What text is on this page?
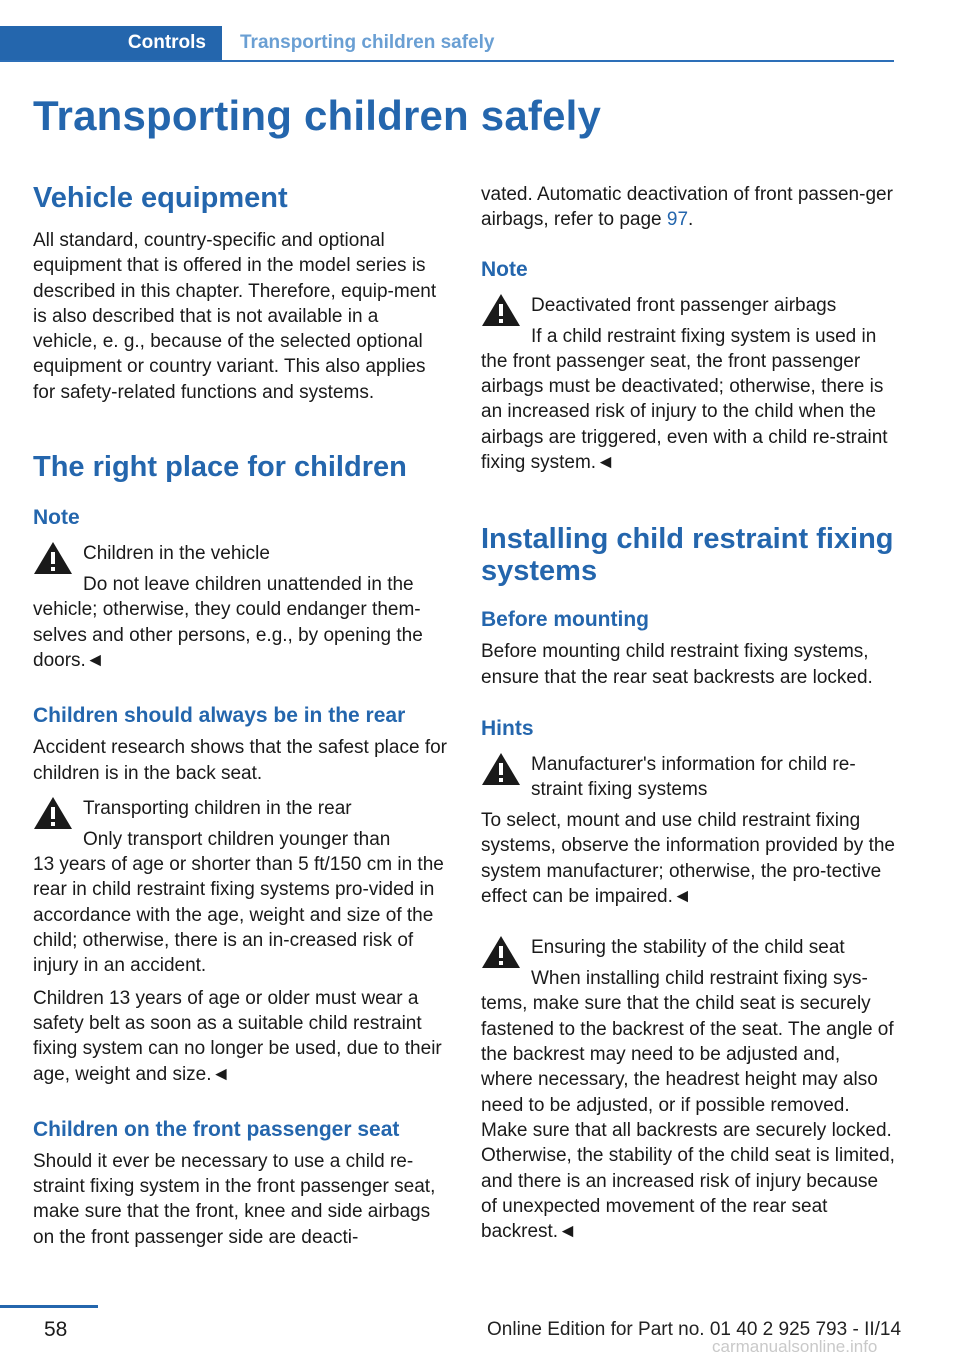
Controls	Transporting children safely
Transporting children safely
Vehicle equipment

All standard, country-specific and optional equipment that is offered in the model series is described in this chapter. Therefore, equip-ment is also described that is not available in a vehicle, e. g., because of the selected optional equipment or country variant. This also applies for safety-related functions and systems.

The right place for children
Note

Children in the vehicle

Do not leave children unattended in the

vehicle; otherwise, they could endanger them-selves and other persons, e.g., by opening the doors.◄

Children should always be in the rear

Accident research shows that the safest place for children is in the back seat.

Transporting children in the rear

Only transport children younger than

13 years of age or shorter than 5 ft/150 cm in the rear in child restraint fixing systems pro-vided in accordance with the age, weight and size of the child; otherwise, there is an in-creased risk of injury in an accident.

Children 13 years of age or older must wear a safety belt as soon as a suitable child restraint fixing system can no longer be used, due to their age, weight and size.◄

Children on the front passenger seat

Should it ever be necessary to use a child re-straint fixing system in the front passenger seat, make sure that the front, knee and side airbags on the front passenger side are deacti-

vated. Automatic deactivation of front passen-ger airbags, refer to page 97.

Note

Deactivated front passenger airbags

If a child restraint fixing system is used in

the front passenger seat, the front passenger airbags must be deactivated; otherwise, there is an increased risk of injury to the child when the airbags are triggered, even with a child re-straint fixing system.◄

Installing child restraint fixing systems
Before mounting

Before mounting child restraint fixing systems, ensure that the rear seat backrests are locked.

Hints

Manufacturer's information for child re-straint fixing systems

To select, mount and use child restraint fixing systems, observe the information provided by the system manufacturer; otherwise, the pro-tective effect can be impaired.◄

Ensuring the stability of the child seat

When installing child restraint fixing sys-

tems, make sure that the child seat is securely fastened to the backrest of the seat. The angle of the backrest may need to be adjusted and, where necessary, the headrest height may also need to be adjusted, or if possible removed. Make sure that all backrests are securely locked. Otherwise, the stability of the child seat is limited, and there is an increased risk of injury because of unexpected movement of the rear seat backrest.◄

58	Online Edition for Part no. 01 40 2 925 793 - II/14
carmanualsonline.info
